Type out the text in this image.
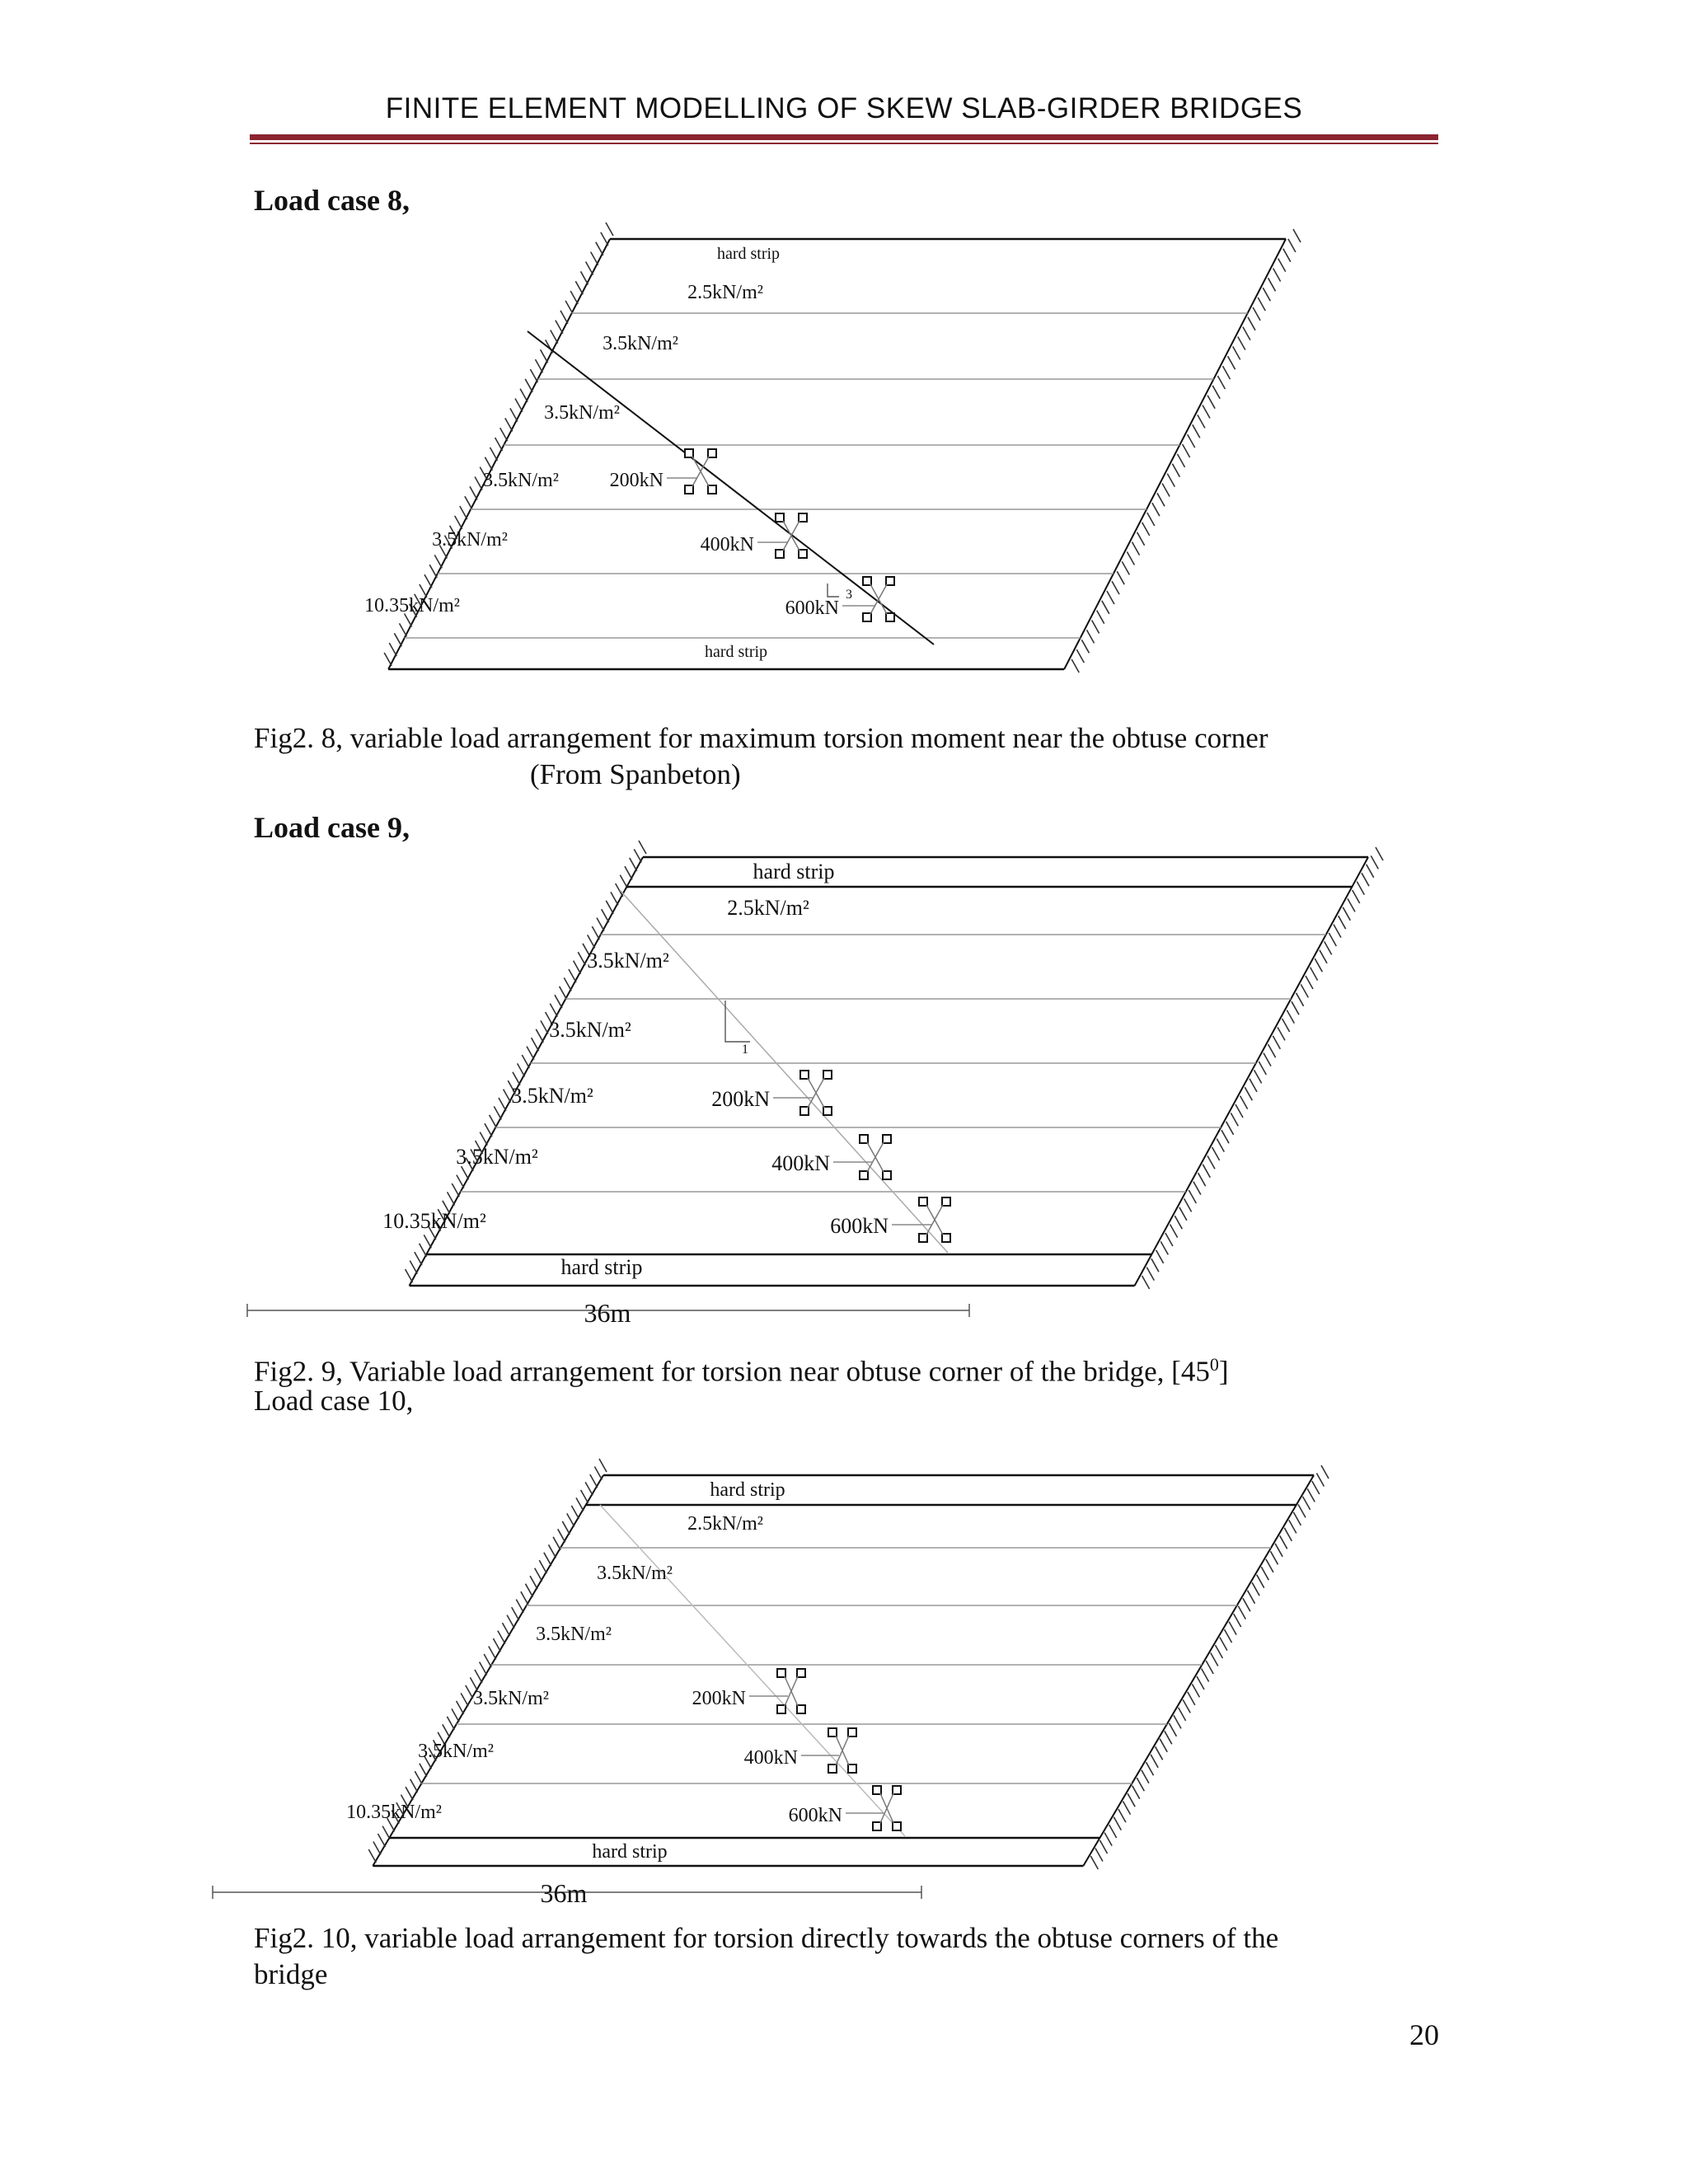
FINITE ELEMENT MODELLING OF SKEW SLAB-GIRDER BRIDGES
Load case 8,
Fig2. 8, variable load arrangement for maximum torsion moment near the obtuse corner
(From Spanbeton)
Load case 9,
Fig2. 9, Variable load arrangement for torsion near obtuse corner of the bridge, $[45^0]$
Load case 10,
Fig2. 10, variable load arrangement for torsion directly towards the obtuse corners of the
bridge
20
hard strip
hard strip
2.5kN/m²
3.5kN/m²
3.5kN/m²
3.5kN/m²
3.5kN/m²
10.35kN/m²
200kN
400kN
600kN
3
hard strip
hard strip
2.5kN/m²
3.5kN/m²
3.5kN/m²
3.5kN/m²
3.5kN/m²
10.35kN/m²
200kN
400kN
600kN
36m
1
hard strip
hard strip
2.5kN/m²
3.5kN/m²
3.5kN/m²
3.5kN/m²
3.5kN/m²
10.35kN/m²
200kN
400kN
600kN
36m
